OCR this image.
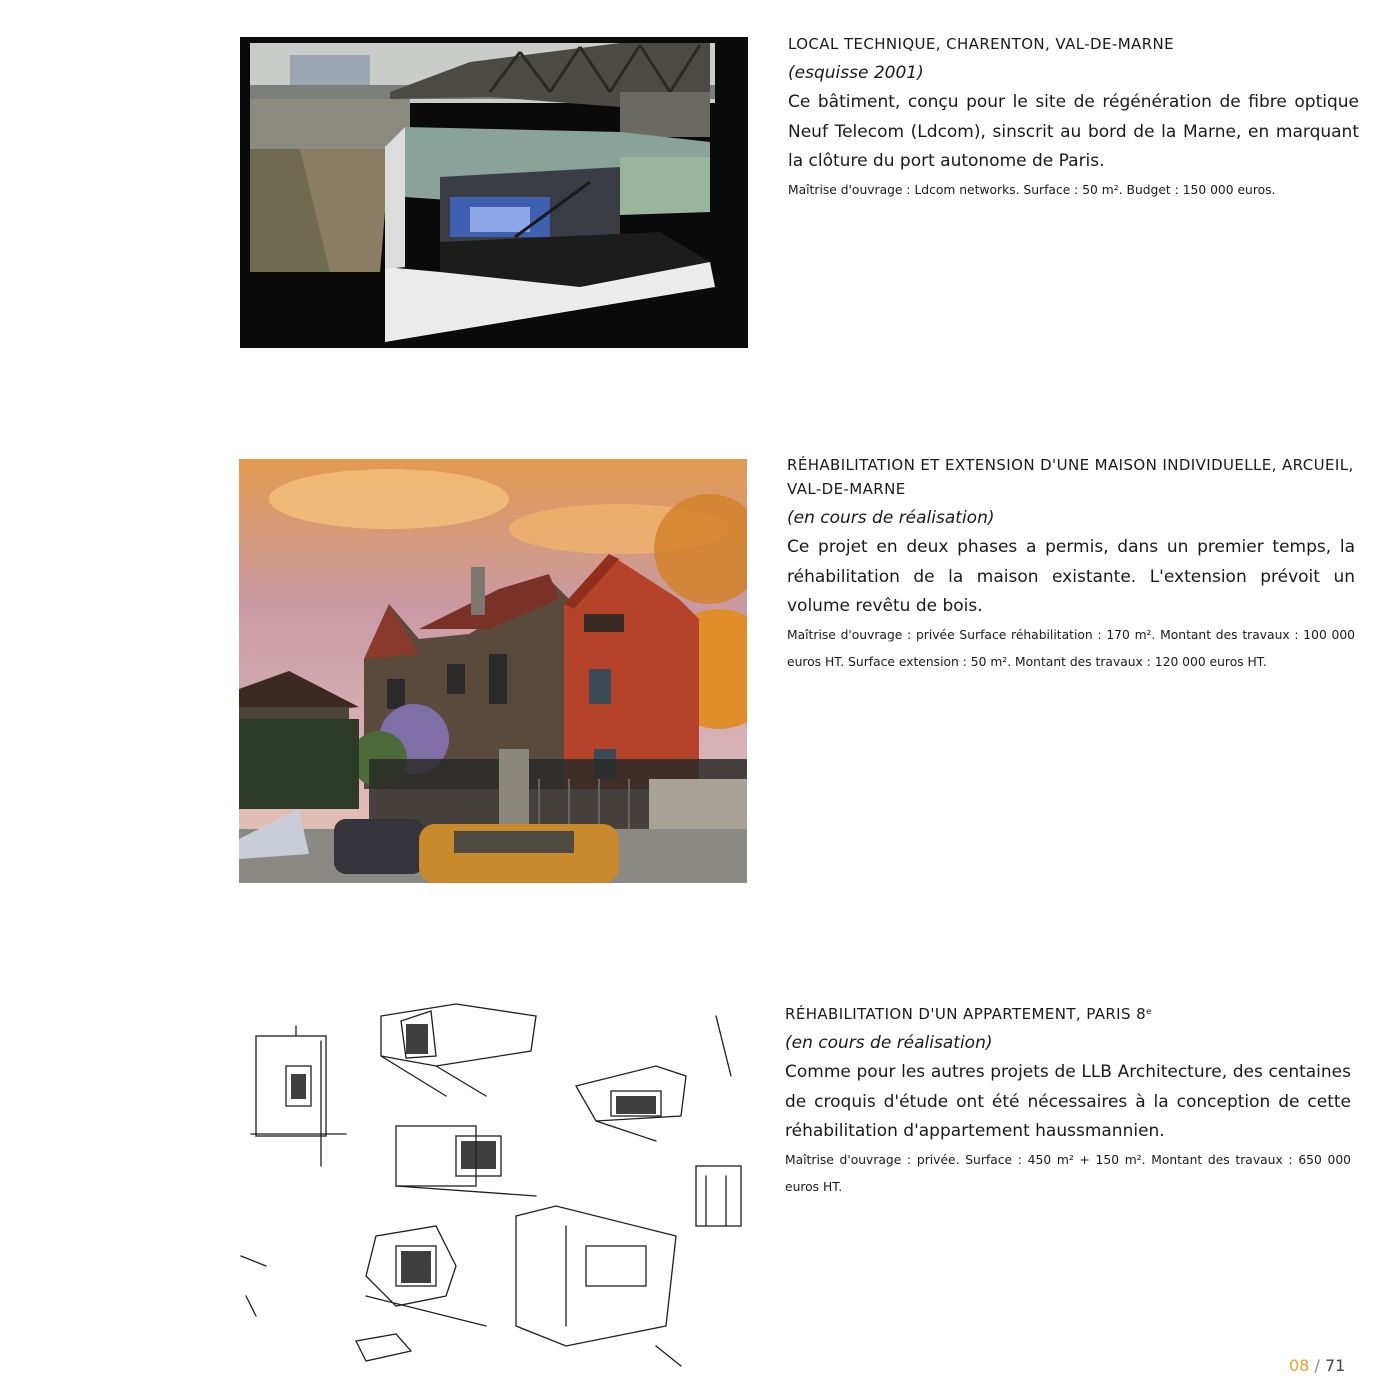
LOCAL TECHNIQUE, CHARENTON, VAL-DE-MARNE

(esquisse 2001)

Ce bâtiment, conçu pour le site de régénération de fibre optique Neuf Telecom (Ldcom), sinscrit au bord de la Marne, en marquant la clôture du port autonome de Paris.

Maîtrise d'ouvrage : Ldcom networks. Surface : 50 m². Budget : 150 000 euros.

RÉHABILITATION ET EXTENSION D'UNE MAISON INDIVIDUELLE, ARCUEIL, VAL-DE-MARNE

(en cours de réalisation)

Ce projet en deux phases a permis, dans un premier temps, la réhabilitation de la maison existante. L'extension prévoit un volume revêtu de bois.

Maîtrise d'ouvrage : privée Surface réhabilitation : 170 m². Montant des travaux : 100 000 euros HT. Surface extension : 50 m². Montant des travaux : 120 000 euros HT.

RÉHABILITATION D'UN APPARTEMENT, PARIS 8ᵉ

(en cours de réalisation)

Comme pour les autres projets de LLB Architecture, des centaines de croquis d'étude ont été nécessaires à la conception de cette réhabilitation d'appartement haussmannien.

Maîtrise d'ouvrage : privée. Surface : 450 m² + 150 m². Montant des travaux : 650 000 euros HT.

08 / 71
